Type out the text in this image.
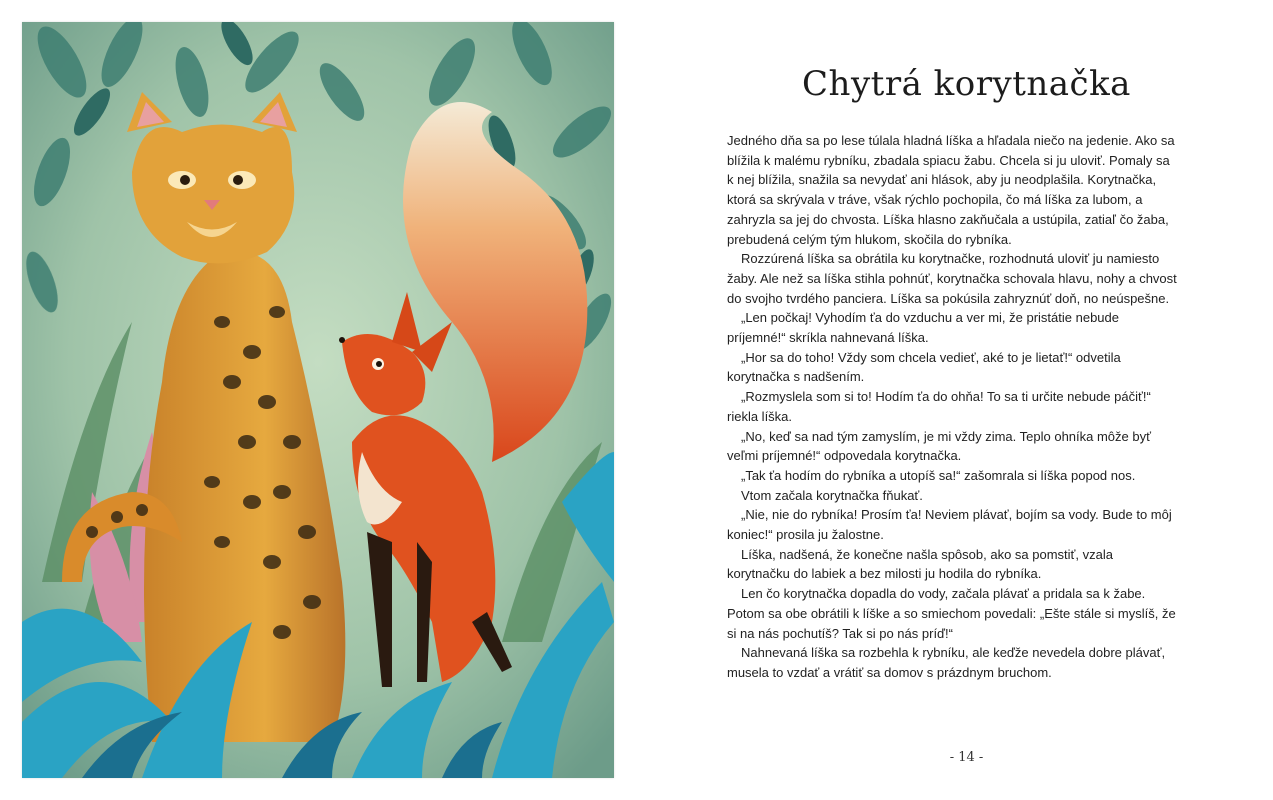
Chytrá korytnačka

Jedného dňa sa po lese túlala hladná líška a hľadala niečo na jedenie. Ako sa blížila k malému rybníku, zbadala spiacu žabu. Chcela si ju uloviť. Pomaly sa k nej blížila, snažila sa nevydať ani hlások, aby ju neodplašila. Korytnačka, ktorá sa skrývala v tráve, však rýchlo pochopila, čo má líška za lubom, a zahryzla sa jej do chvosta. Líška hlasno zakňučala a ustúpila, zatiaľ čo žaba, prebudená celým tým hlukom, skočila do rybníka.

Rozzúrená líška sa obrátila ku korytnačke, rozhodnutá uloviť ju namiesto žaby. Ale než sa líška stihla pohnúť, korytnačka schovala hlavu, nohy a chvost do svojho tvrdého panciera. Líška sa pokúsila zahryznúť doň, no neúspešne.

„Len počkaj! Vyhodím ťa do vzduchu a ver mi, že pristátie nebude príjemné!“ skríkla nahnevaná líška.

„Hor sa do toho! Vždy som chcela vedieť, aké to je lietať!“ odvetila korytnačka s nadšením.

„Rozmyslela som si to! Hodím ťa do ohňa! To sa ti určite nebude páčiť!“ riekla líška.

„No, keď sa nad tým zamyslím, je mi vždy zima. Teplo ohníka môže byť veľmi príjemné!“ odpovedala korytnačka.

„Tak ťa hodím do rybníka a utopíš sa!“ zašomrala si líška popod nos.

Vtom začala korytnačka fňukať.

„Nie, nie do rybníka! Prosím ťa! Neviem plávať, bojím sa vody. Bude to môj koniec!“ prosila ju žalostne.

Líška, nadšená, že konečne našla spôsob, ako sa pomstiť, vzala korytnačku do labiek a bez milosti ju hodila do rybníka.

Len čo korytnačka dopadla do vody, začala plávať a pridala sa k žabe. Potom sa obe obrátili k líške a so smiechom povedali: „Ešte stále si myslíš, že si na nás pochutíš? Tak si po nás príď!“

Nahnevaná líška sa rozbehla k rybníku, ale keďže nevedela dobre plávať, musela to vzdať a vrátiť sa domov s prázdnym bruchom.

- 14 -
